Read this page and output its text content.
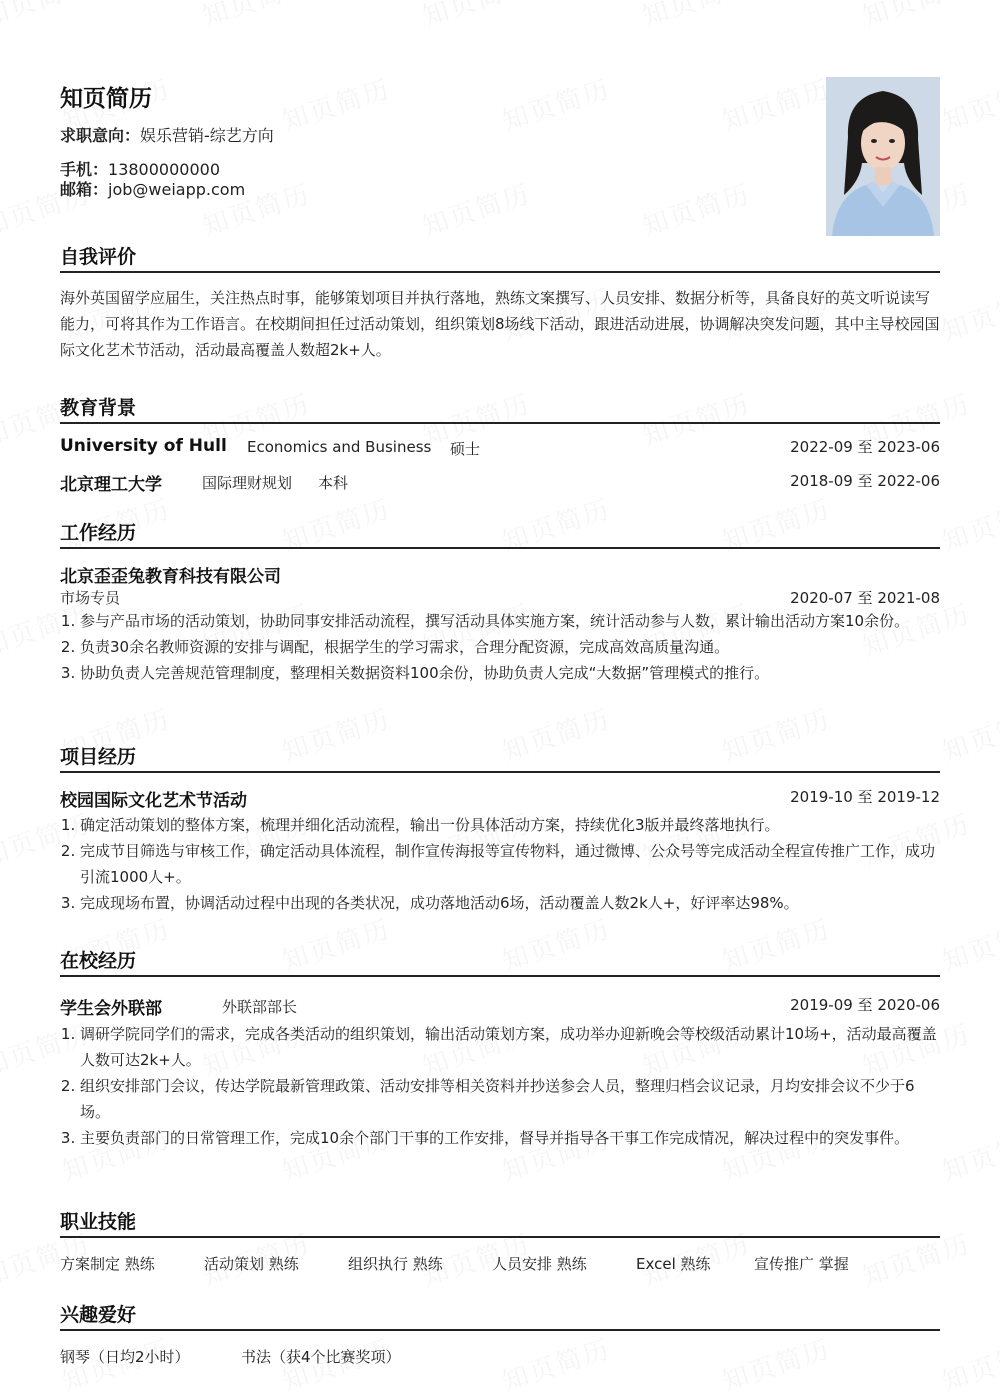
知页简历
求职意向：娱乐营销-综艺方向
手机：13800000000
邮箱：job@weiapp.com
自我评价
海外英国留学应届生，关注热点时事，能够策划项目并执行落地，熟练文案撰写、人员安排、数据分析等，具备良好的英文听说读写能力，可将其作为工作语言。在校期间担任过活动策划，组织策划8场线下活动，跟进活动进展，协调解决突发问题，其中主导校园国际文化艺术节活动，活动最高覆盖人数超2k+人。
教育背景
University of Hull Economics and Business 硕士	2022-09 至 2023-06
北京理工大学	国际理财规划 本科	2018-09 至 2022-06
工作经历
北京歪歪兔教育科技有限公司
市场专员	2020-07 至 2021-08
1. 参与产品市场的活动策划，协助同事安排活动流程，撰写活动具体实施方案，统计活动参与人数，累计输出活动方案10余份。
2. 负责30余名教师资源的安排与调配，根据学生的学习需求，合理分配资源，完成高效高质量沟通。
3. 协助负责人完善规范管理制度，整理相关数据资料100余份，协助负责人完成“大数据”管理模式的推行。
项目经历
校园国际文化艺术节活动	2019-10 至 2019-12
1. 确定活动策划的整体方案，梳理并细化活动流程，输出一份具体活动方案，持续优化3版并最终落地执行。
2. 完成节目筛选与审核工作，确定活动具体流程，制作宣传海报等宣传物料，通过微博、公众号等完成活动全程宣传推广工作，成功引流1000人+。
3. 完成现场布置，协调活动过程中出现的各类状况，成功落地活动6场，活动覆盖人数2k人+，好评率达98%。
在校经历
学生会外联部	外联部部长	2019-09 至 2020-06
1. 调研学院同学们的需求，完成各类活动的组织策划，输出活动策划方案，成功举办迎新晚会等校级活动累计10场+，活动最高覆盖人数可达2k+人。
2. 组织安排部门会议，传达学院最新管理政策、活动安排等相关资料并抄送参会人员，整理归档会议记录，月均安排会议不少于6场。
3. 主要负责部门的日常管理工作，完成10余个部门干事的工作安排，督导并指导各干事工作完成情况，解决过程中的突发事件。
职业技能
方案制定 熟练	活动策划 熟练	组织执行 熟练	人员安排 熟练	Excel 熟练	宣传推广 掌握
兴趣爱好
钢琴（日均2小时）	书法（获4个比赛奖项）
